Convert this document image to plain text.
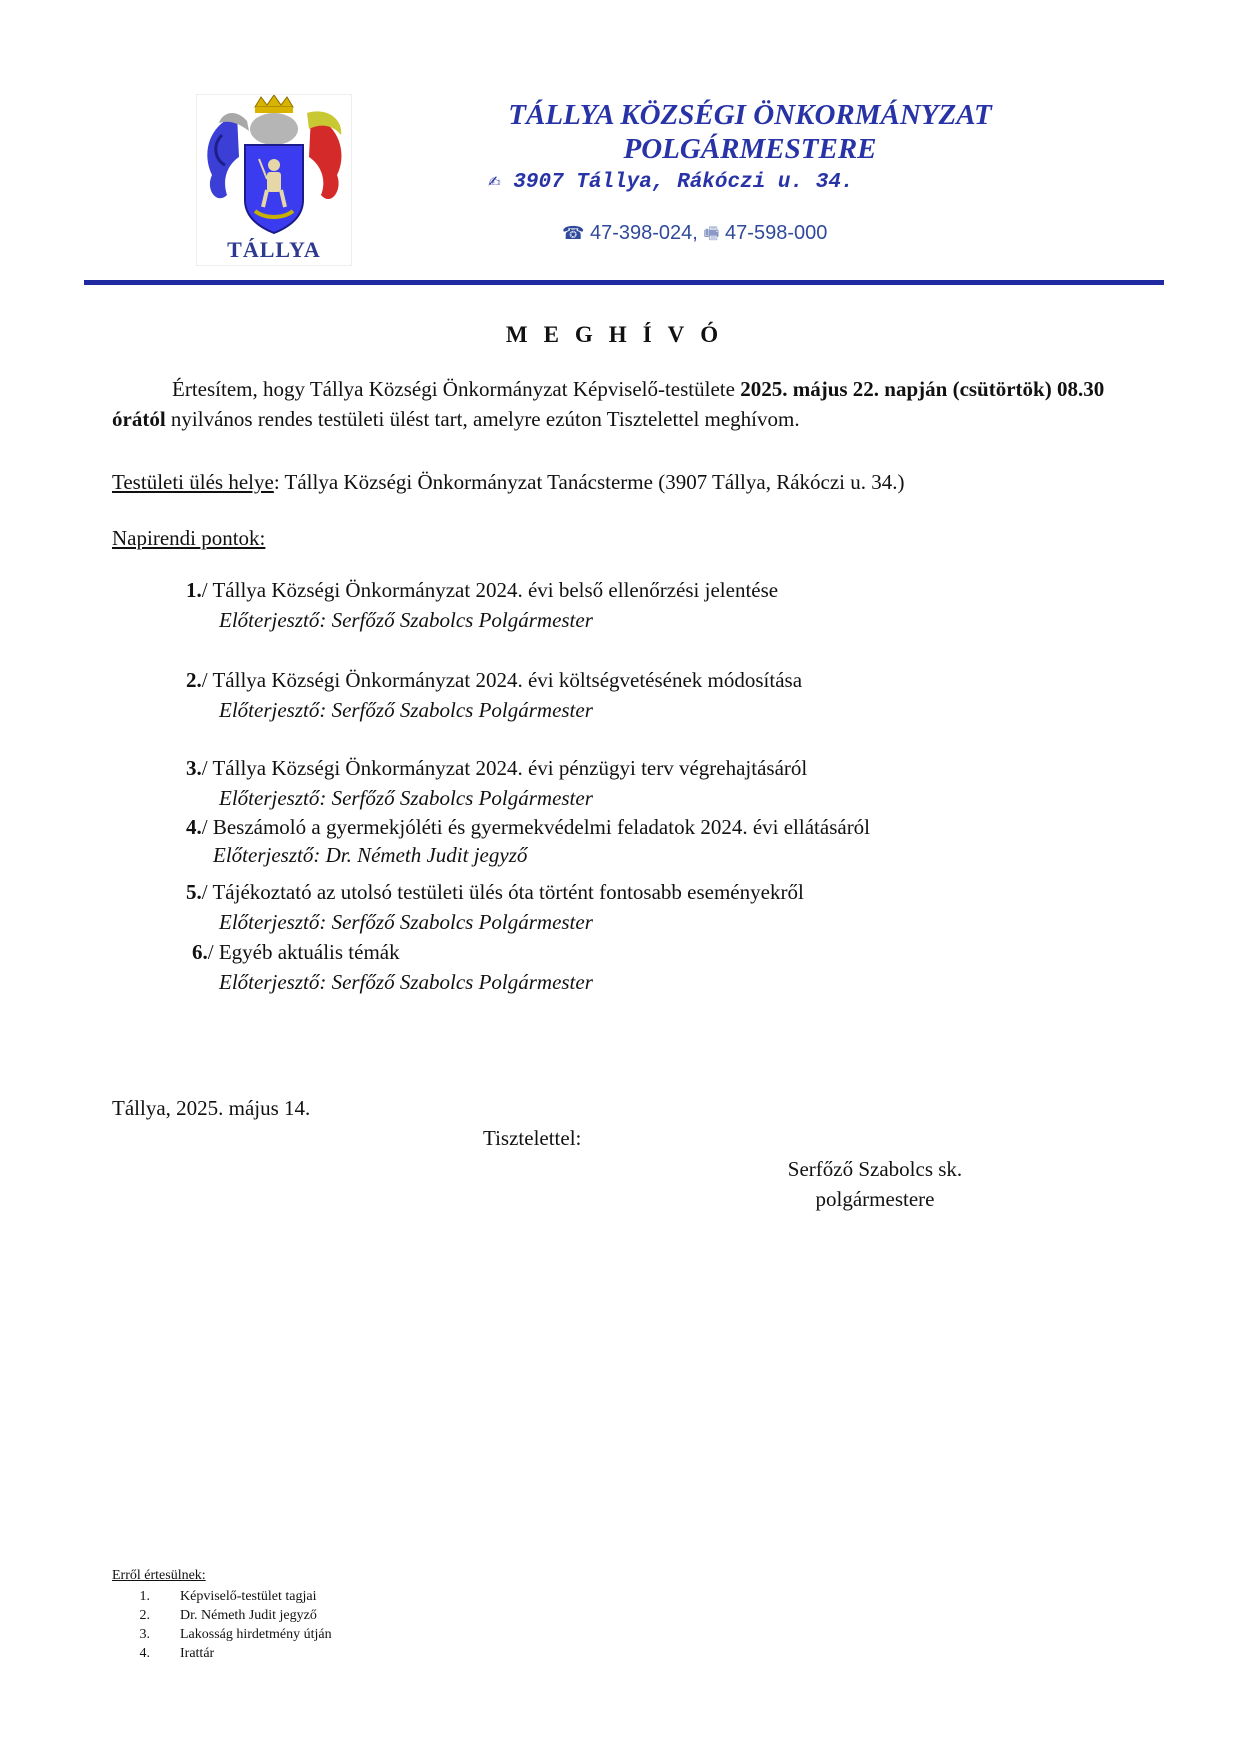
TÁLLYA
TÁLLYA KÖZSÉGI ÖNKORMÁNYZAT
POLGÁRMESTERE
✍ 3907 Tállya, Rákóczi u. 34.
☎ 47-398-024, 🖷 47-598-000
MEGHÍVÓ
Értesítem, hogy Tállya Községi Önkormányzat Képviselő-testülete 2025. május 22. napján (csütörtök) 08.30 órától nyilvános rendes testületi ülést tart, amelyre ezúton Tisztelettel meghívom.
Testületi ülés helye: Tállya Községi Önkormányzat Tanácsterme (3907 Tállya, Rákóczi u. 34.)
Napirendi pontok:
1./ Tállya Községi Önkormányzat 2024. évi belső ellenőrzési jelentése
Előterjesztő: Serfőző Szabolcs Polgármester
2./ Tállya Községi Önkormányzat 2024. évi költségvetésének módosítása
Előterjesztő: Serfőző Szabolcs Polgármester
3./ Tállya Községi Önkormányzat 2024. évi pénzügyi terv végrehajtásáról
Előterjesztő: Serfőző Szabolcs Polgármester
4./ Beszámoló a gyermekjóléti és gyermekvédelmi feladatok 2024. évi ellátásáról
Előterjesztő: Dr. Németh Judit jegyző
5./ Tájékoztató az utolsó testületi ülés óta történt fontosabb eseményekről
Előterjesztő: Serfőző Szabolcs Polgármester
6./ Egyéb aktuális témák
Előterjesztő: Serfőző Szabolcs Polgármester
Tállya, 2025. május 14.
Tisztelettel:
Serfőző Szabolcs sk.
polgármestere
Erről értesülnek:
1. Képviselő-testület tagjai
2. Dr. Németh Judit jegyző
3. Lakosság hirdetmény útján
4. Irattár
